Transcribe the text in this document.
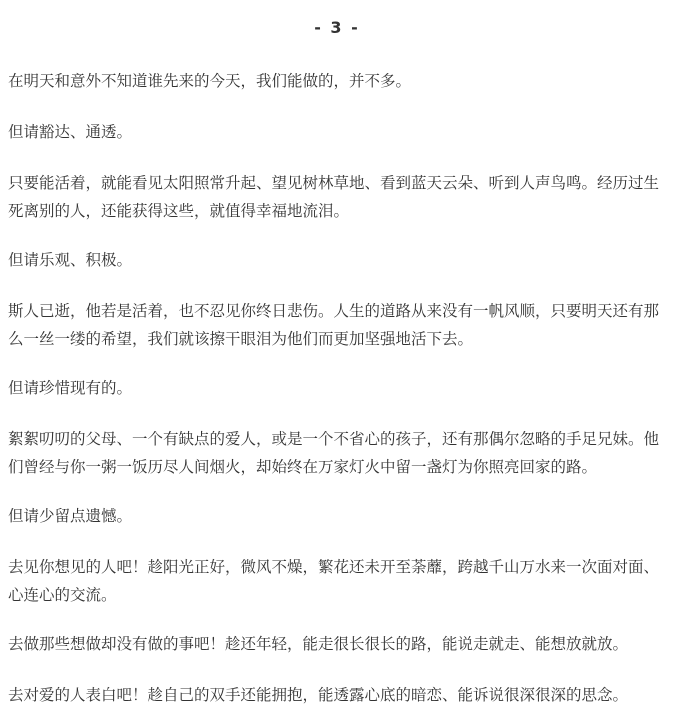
- 3 -

在明天和意外不知道谁先来的今天，我们能做的，并不多。

但请豁达、通透。

只要能活着，就能看见太阳照常升起、望见树林草地、看到蓝天云朵、听到人声鸟鸣。经历过生死离别的人，还能获得这些，就值得幸福地流泪。

但请乐观、积极。

斯人已逝，他若是活着，也不忍见你终日悲伤。人生的道路从来没有一帆风顺，只要明天还有那么一丝一缕的希望，我们就该擦干眼泪为他们而更加坚强地活下去。

但请珍惜现有的。

絮絮叨叨的父母、一个有缺点的爱人，或是一个不省心的孩子，还有那偶尔忽略的手足兄妹。他们曾经与你一粥一饭历尽人间烟火，却始终在万家灯火中留一盏灯为你照亮回家的路。

但请少留点遗憾。

去见你想见的人吧！趁阳光正好，微风不燥，繁花还未开至荼蘼，跨越千山万水来一次面对面、心连心的交流。

去做那些想做却没有做的事吧！趁还年轻，能走很长很长的路，能说走就走、能想放就放。

去对爱的人表白吧！趁自己的双手还能拥抱，能透露心底的暗恋、能诉说很深很深的思念。
